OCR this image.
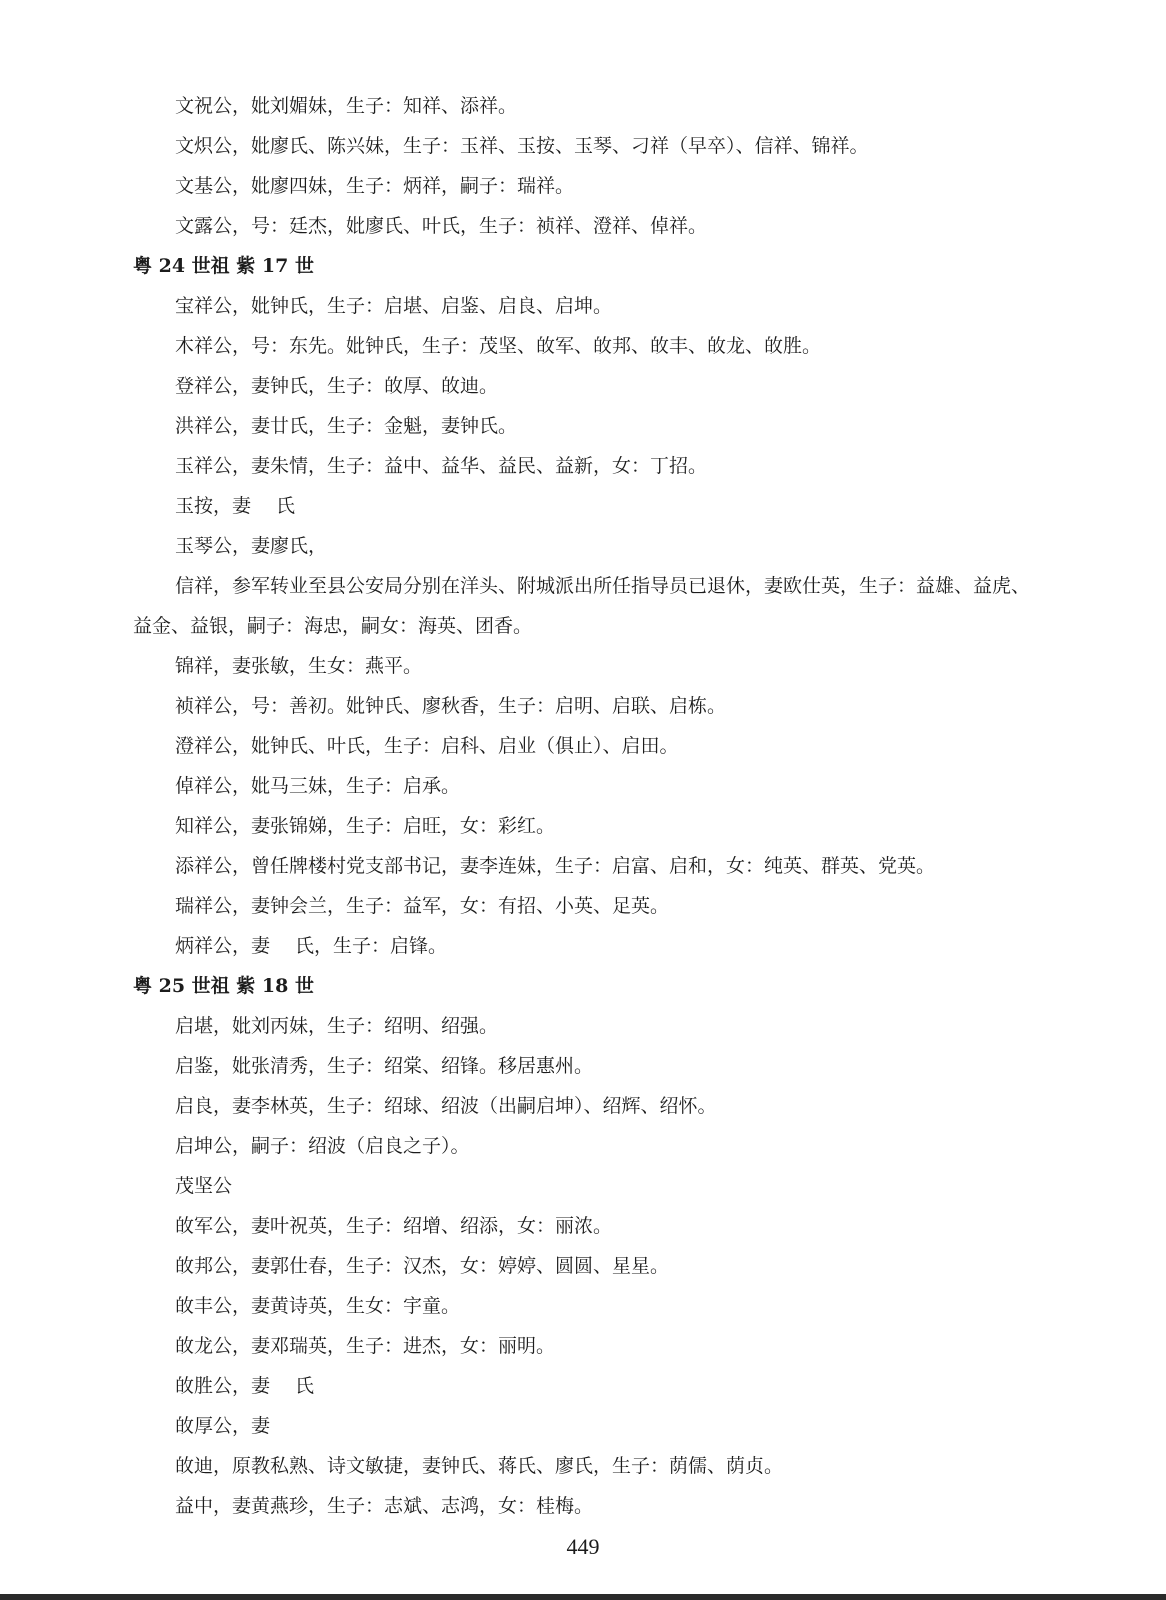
文祝公，妣刘媚妹，生子：知祥、添祥。

文炽公，妣廖氏、陈兴妹，生子：玉祥、玉按、玉琴、刁祥（早卒）、信祥、锦祥。

文基公，妣廖四妹，生子：炳祥，嗣子：瑞祥。

文露公，号：廷杰，妣廖氏、叶氏，生子：祯祥、澄祥、倬祥。

粤 24 世祖 紫 17 世

宝祥公，妣钟氏，生子：启堪、启鉴、启良、启坤。

木祥公，号：东先。妣钟氏，生子：茂坚、敀军、敀邦、敀丰、敀龙、敀胜。

登祥公，妻钟氏，生子：敀厚、敀迪。

洪祥公，妻廿氏，生子：金魁，妻钟氏。

玉祥公，妻朱情，生子：益中、益华、益民、益新，女：丁招。

玉按，妻　 氏

玉琴公，妻廖氏，

信祥，参军转业至县公安局分别在洋头、附城派出所任指导员已退休，妻欧仕英，生子：益雄、益虎、益金、益银，嗣子：海忠，嗣女：海英、团香。

锦祥，妻张敏，生女：燕平。

祯祥公，号：善初。妣钟氏、廖秋香，生子：启明、启联、启栋。

澄祥公，妣钟氏、叶氏，生子：启科、启业（俱止）、启田。

倬祥公，妣马三妹，生子：启承。

知祥公，妻张锦娣，生子：启旺，女：彩红。

添祥公，曾任牌楼村党支部书记，妻李连妹，生子：启富、启和，女：纯英、群英、党英。

瑞祥公，妻钟会兰，生子：益军，女：有招、小英、足英。

炳祥公，妻　 氏，生子：启锋。

粤 25 世祖 紫 18 世

启堪，妣刘丙妹，生子：绍明、绍强。

启鉴，妣张清秀，生子：绍棠、绍锋。移居惠州。

启良，妻李林英，生子：绍球、绍波（出嗣启坤）、绍辉、绍怀。

启坤公，嗣子：绍波（启良之子）。

茂坚公

敀军公，妻叶祝英，生子：绍增、绍添，女：丽浓。

敀邦公，妻郭仕春，生子：汉杰，女：婷婷、圆圆、星星。

敀丰公，妻黄诗英，生女：宇童。

敀龙公，妻邓瑞英，生子：进杰，女：丽明。

敀胜公，妻　 氏

敀厚公，妻

敀迪，原教私熟、诗文敏捷，妻钟氏、蒋氏、廖氏，生子：荫儒、荫贞。

益中，妻黄燕珍，生子：志斌、志鸿，女：桂梅。

449
